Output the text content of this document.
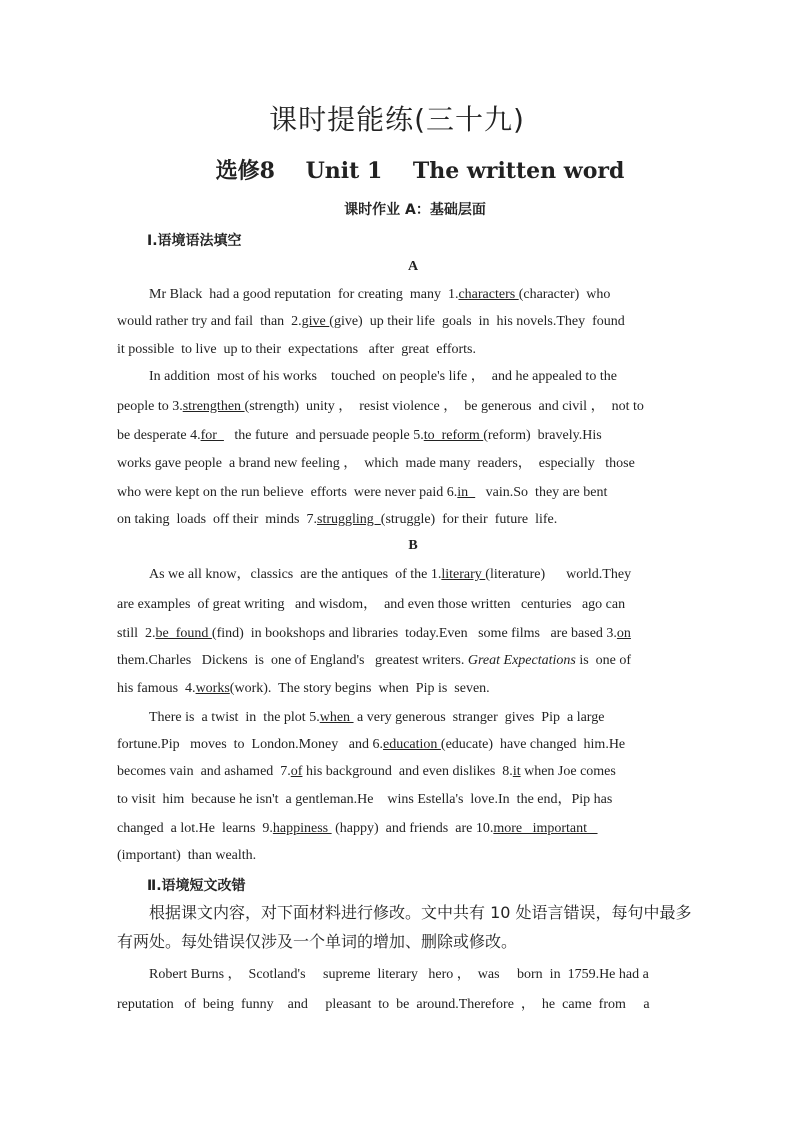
课时提能练(三十九)
选修8 Unit 1 The written word
课时作业 A：基础层面
Ⅰ.语境语法填空
A
Mr Black  had a good reputation  for creating  many  1.characters (character)  who
would rather try and fail  than  2.give (give)  up their life  goals  in  his novels.They  found
it possible  to live  up to their  expectations   after  great  efforts.
In addition  most of his works    touched  on people's life ，  and he appealed to the
people to 3.strengthen (strength)  unity ，  resist violence ，  be generous  and civil ，  not to
be desperate 4.for     the future  and persuade people 5.to  reform (reform)  bravely.His
works gave people  a brand new feeling ，  which  made many  readers，  especially   those
who were kept on the run believe  efforts  were never paid 6.in     vain.So  they are bent
on taking  loads  off their  minds  7.struggling  (struggle)  for their  future  life.
B
As we all know，classics  are the antiques  of the 1.literary (literature)      world.They
are examples  of great writing   and wisdom，  and even those written   centuries   ago can
still  2.be  found (find)  in bookshops and libraries  today.Even   some films   are based 3.on
them.Charles   Dickens  is  one of England's   greatest writers. Great Expectations is  one of
his famous  4.works(work).  The story begins  when  Pip is  seven.
There is  a twist  in  the plot 5.when  a very generous  stranger  gives  Pip  a large
fortune.Pip   moves  to  London.Money   and 6.education (educate)  have changed  him.He
becomes vain  and ashamed  7.of his background  and even dislikes  8.it when Joe comes
to visit  him  because he isn't  a gentleman.He    wins Estella's  love.In  the end，Pip has
changed  a lot.He  learns  9.happiness  (happy)  and friends  are 10.more   important
(important)  than wealth.
Ⅱ.语境短文改错
根据课文内容，对下面材料进行修改。文中共有 10 处语言错误，每句中最多
有两处。每处错误仅涉及一个单词的增加、删除或修改。
Robert Burns ，  Scotland's     supreme  literary   hero ，  was     born  in  1759.He had a
reputation   of  being  funny    and     pleasant  to  be  around.Therefore  ，  he  came  from     a
